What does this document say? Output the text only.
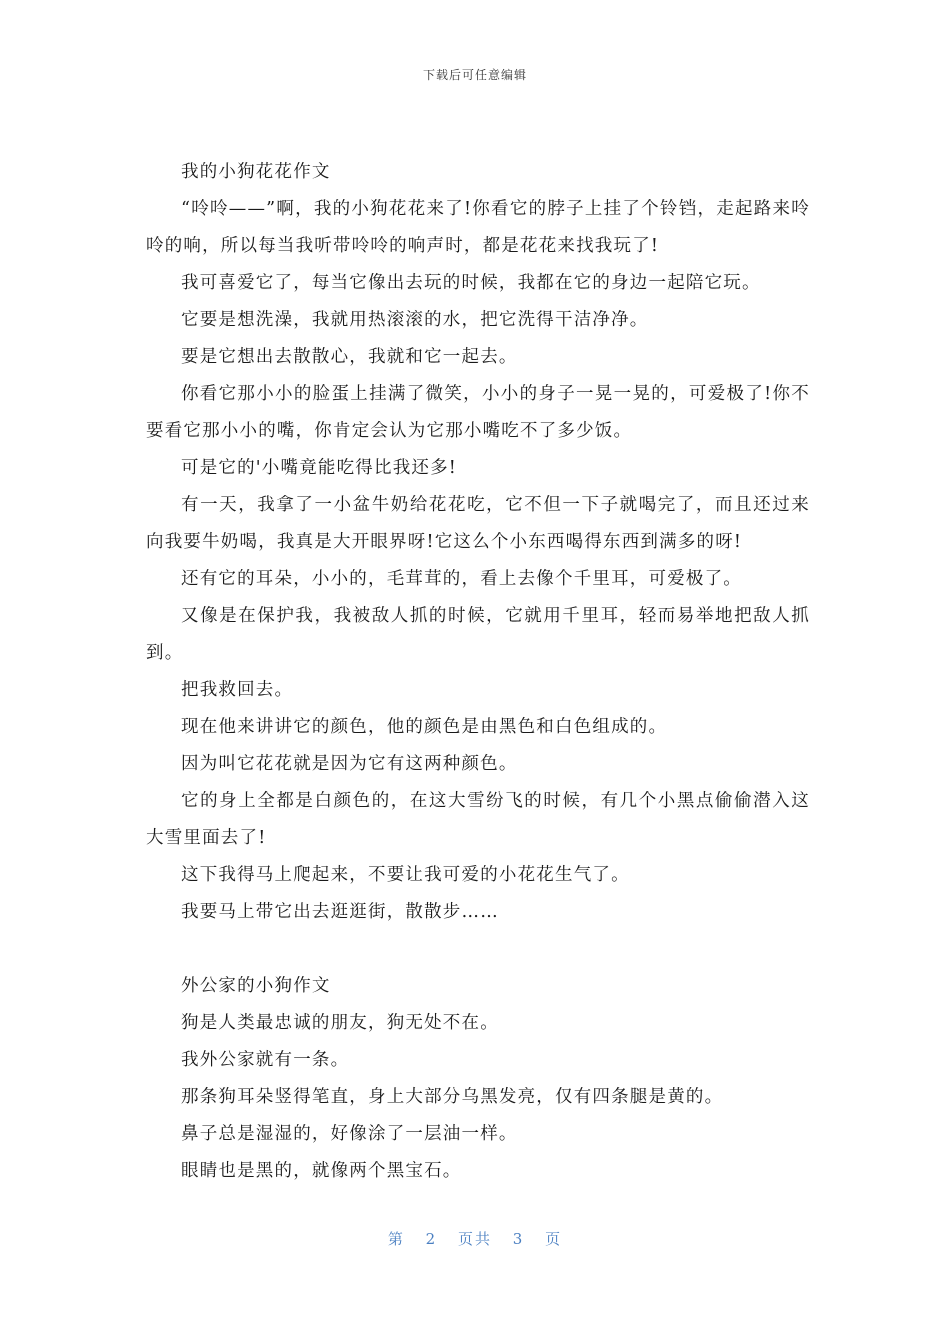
下载后可任意编辑

我的小狗花花作文

“呤呤——”啊，我的小狗花花来了!你看它的脖子上挂了个铃铛，走起路来呤呤的响，所以每当我听带呤呤的响声时，都是花花来找我玩了!

我可喜爱它了，每当它像出去玩的时候，我都在它的身边一起陪它玩。

它要是想洗澡，我就用热滚滚的水，把它洗得干洁净净。

要是它想出去散散心，我就和它一起去。

你看它那小小的脸蛋上挂满了微笑，小小的身子一晃一晃的，可爱极了!你不要看它那小小的嘴，你肯定会认为它那小嘴吃不了多少饭。

可是它的'小嘴竟能吃得比我还多!

有一天，我拿了一小盆牛奶给花花吃，它不但一下子就喝完了，而且还过来向我要牛奶喝，我真是大开眼界呀!它这么个小东西喝得东西到满多的呀!

还有它的耳朵，小小的，毛茸茸的，看上去像个千里耳，可爱极了。

又像是在保护我，我被敌人抓的时候，它就用千里耳，轻而易举地把敌人抓到。

把我救回去。

现在他来讲讲它的颜色，他的颜色是由黑色和白色组成的。

因为叫它花花就是因为它有这两种颜色。

它的身上全都是白颜色的，在这大雪纷飞的时候，有几个小黑点偷偷潜入这大雪里面去了!

这下我得马上爬起来，不要让我可爱的小花花生气了。

我要马上带它出去逛逛街，散散步……

外公家的小狗作文

狗是人类最忠诚的朋友，狗无处不在。

我外公家就有一条。

那条狗耳朵竖得笔直，身上大部分乌黑发亮，仅有四条腿是黄的。

鼻子总是湿湿的，好像涂了一层油一样。

眼睛也是黑的，就像两个黑宝石。

第 2 页共 3 页
